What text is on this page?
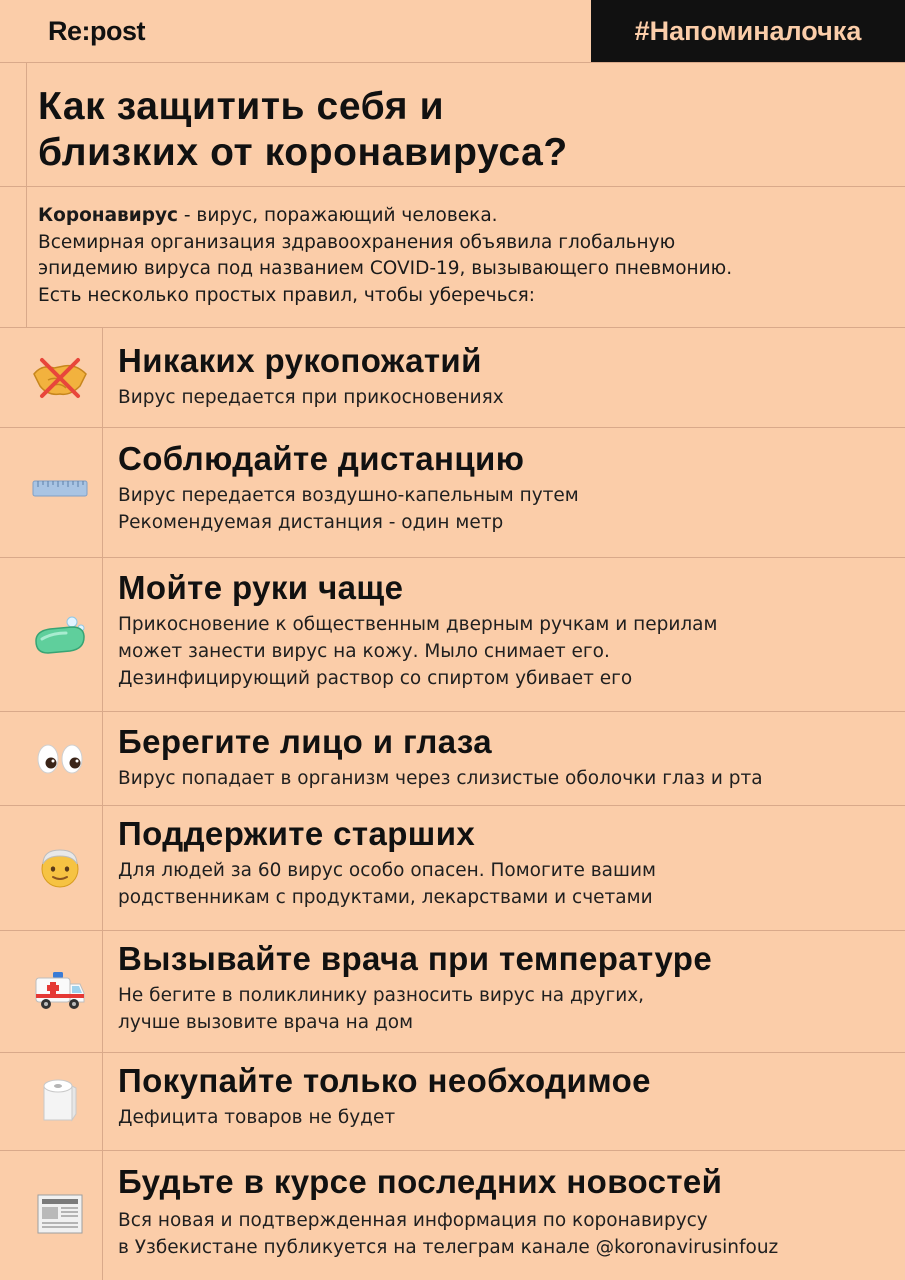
Re:post	#Напоминалочка
Как защитить себя и
близких от коронавируса?
Коронавирус - вирус, поражающий человека.
Всемирная организация здравоохранения объявила глобальную
эпидемию вируса под названием COVID-19, вызывающего пневмонию.
Есть несколько простых правил, чтобы уберечься:
Никаких рукопожатий
Вирус передается при прикосновениях
Соблюдайте дистанцию
Вирус передается воздушно-капельным путем
Рекомендуемая дистанция - один метр
Мойте руки чаще
Прикосновение к общественным дверным ручкам и перилам
может занести вирус на кожу. Мыло снимает его.
Дезинфицирующий раствор со спиртом убивает его
Берегите лицо и глаза
Вирус попадает в организм через слизистые оболочки глаз и рта
Поддержите старших
Для людей за 60 вирус особо опасен. Помогите вашим
родственникам с продуктами, лекарствами и счетами
Вызывайте врача при температуре
Не бегите в поликлинику разносить вирус на других,
лучше вызовите врача на дом
Покупайте только необходимое
Дефицита товаров не будет
Будьте в курсе последних новостей
Вся новая и подтвержденная информация по коронавирусу
в Узбекистане публикуется на телеграм канале @koronavirusinfouz
